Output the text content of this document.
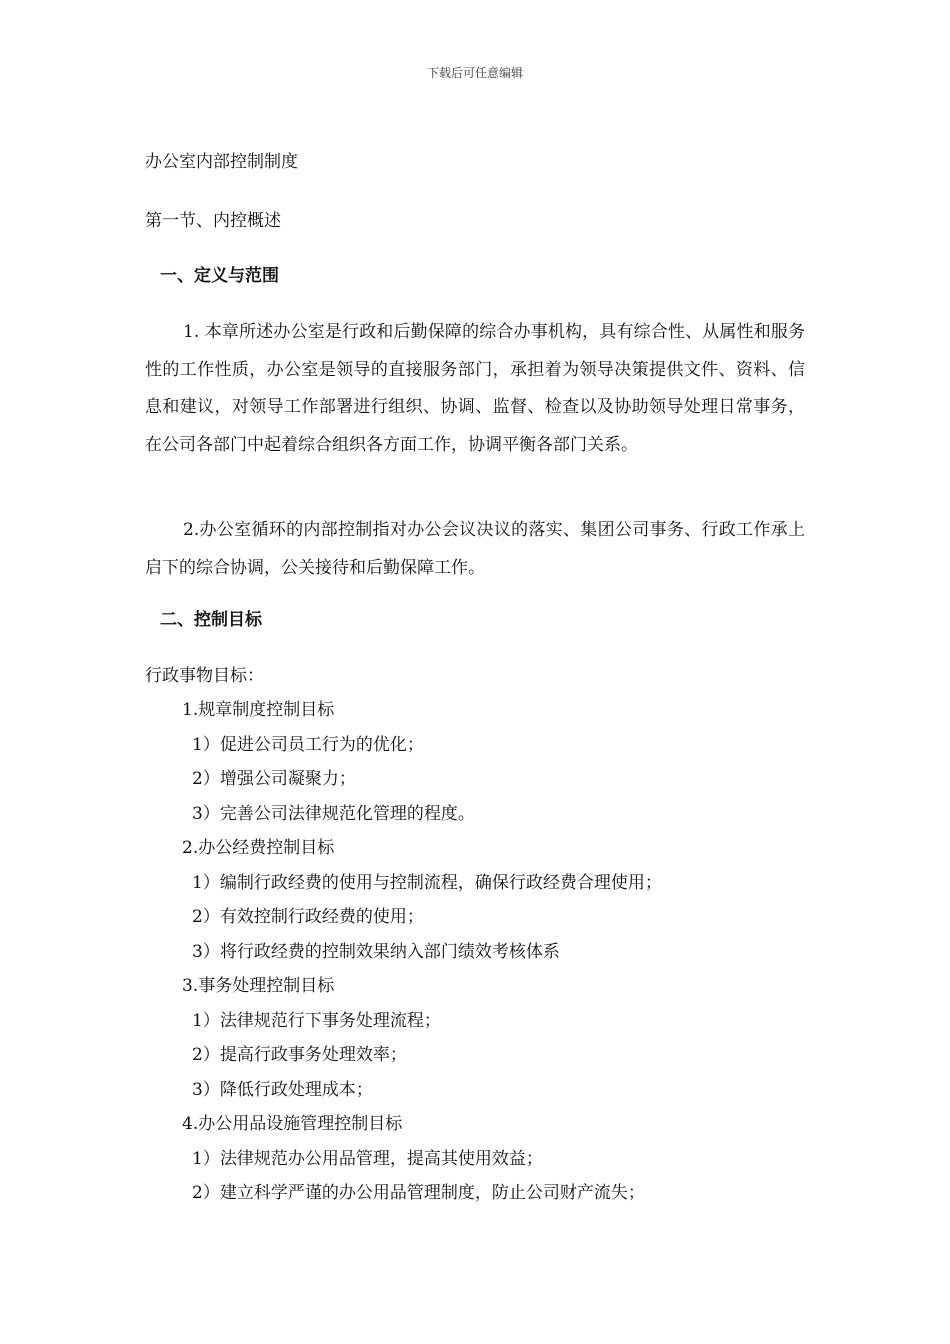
下载后可任意编辑
办公室内部控制制度
第一节、内控概述
一、定义与范围
1. 本章所述办公室是行政和后勤保障的综合办事机构，具有综合性、从属性和服务性的工作性质，办公室是领导的直接服务部门，承担着为领导决策提供文件、资料、信息和建议，对领导工作部署进行组织、协调、监督、检查以及协助领导处理日常事务，在公司各部门中起着综合组织各方面工作，协调平衡各部门关系。
2.办公室循环的内部控制指对办公会议决议的落实、集团公司事务、行政工作承上启下的综合协调，公关接待和后勤保障工作。
二、控制目标
行政事物目标：
1.规章制度控制目标
1）促进公司员工行为的优化；
2）增强公司凝聚力；
3）完善公司法律规范化管理的程度。
2.办公经费控制目标
1）编制行政经费的使用与控制流程，确保行政经费合理使用；
2）有效控制行政经费的使用；
3）将行政经费的控制效果纳入部门绩效考核体系
3.事务处理控制目标
1）法律规范行下事务处理流程；
2）提高行政事务处理效率；
3）降低行政处理成本；
4.办公用品设施管理控制目标
1）法律规范办公用品管理，提高其使用效益；
2）建立科学严谨的办公用品管理制度，防止公司财产流失；
